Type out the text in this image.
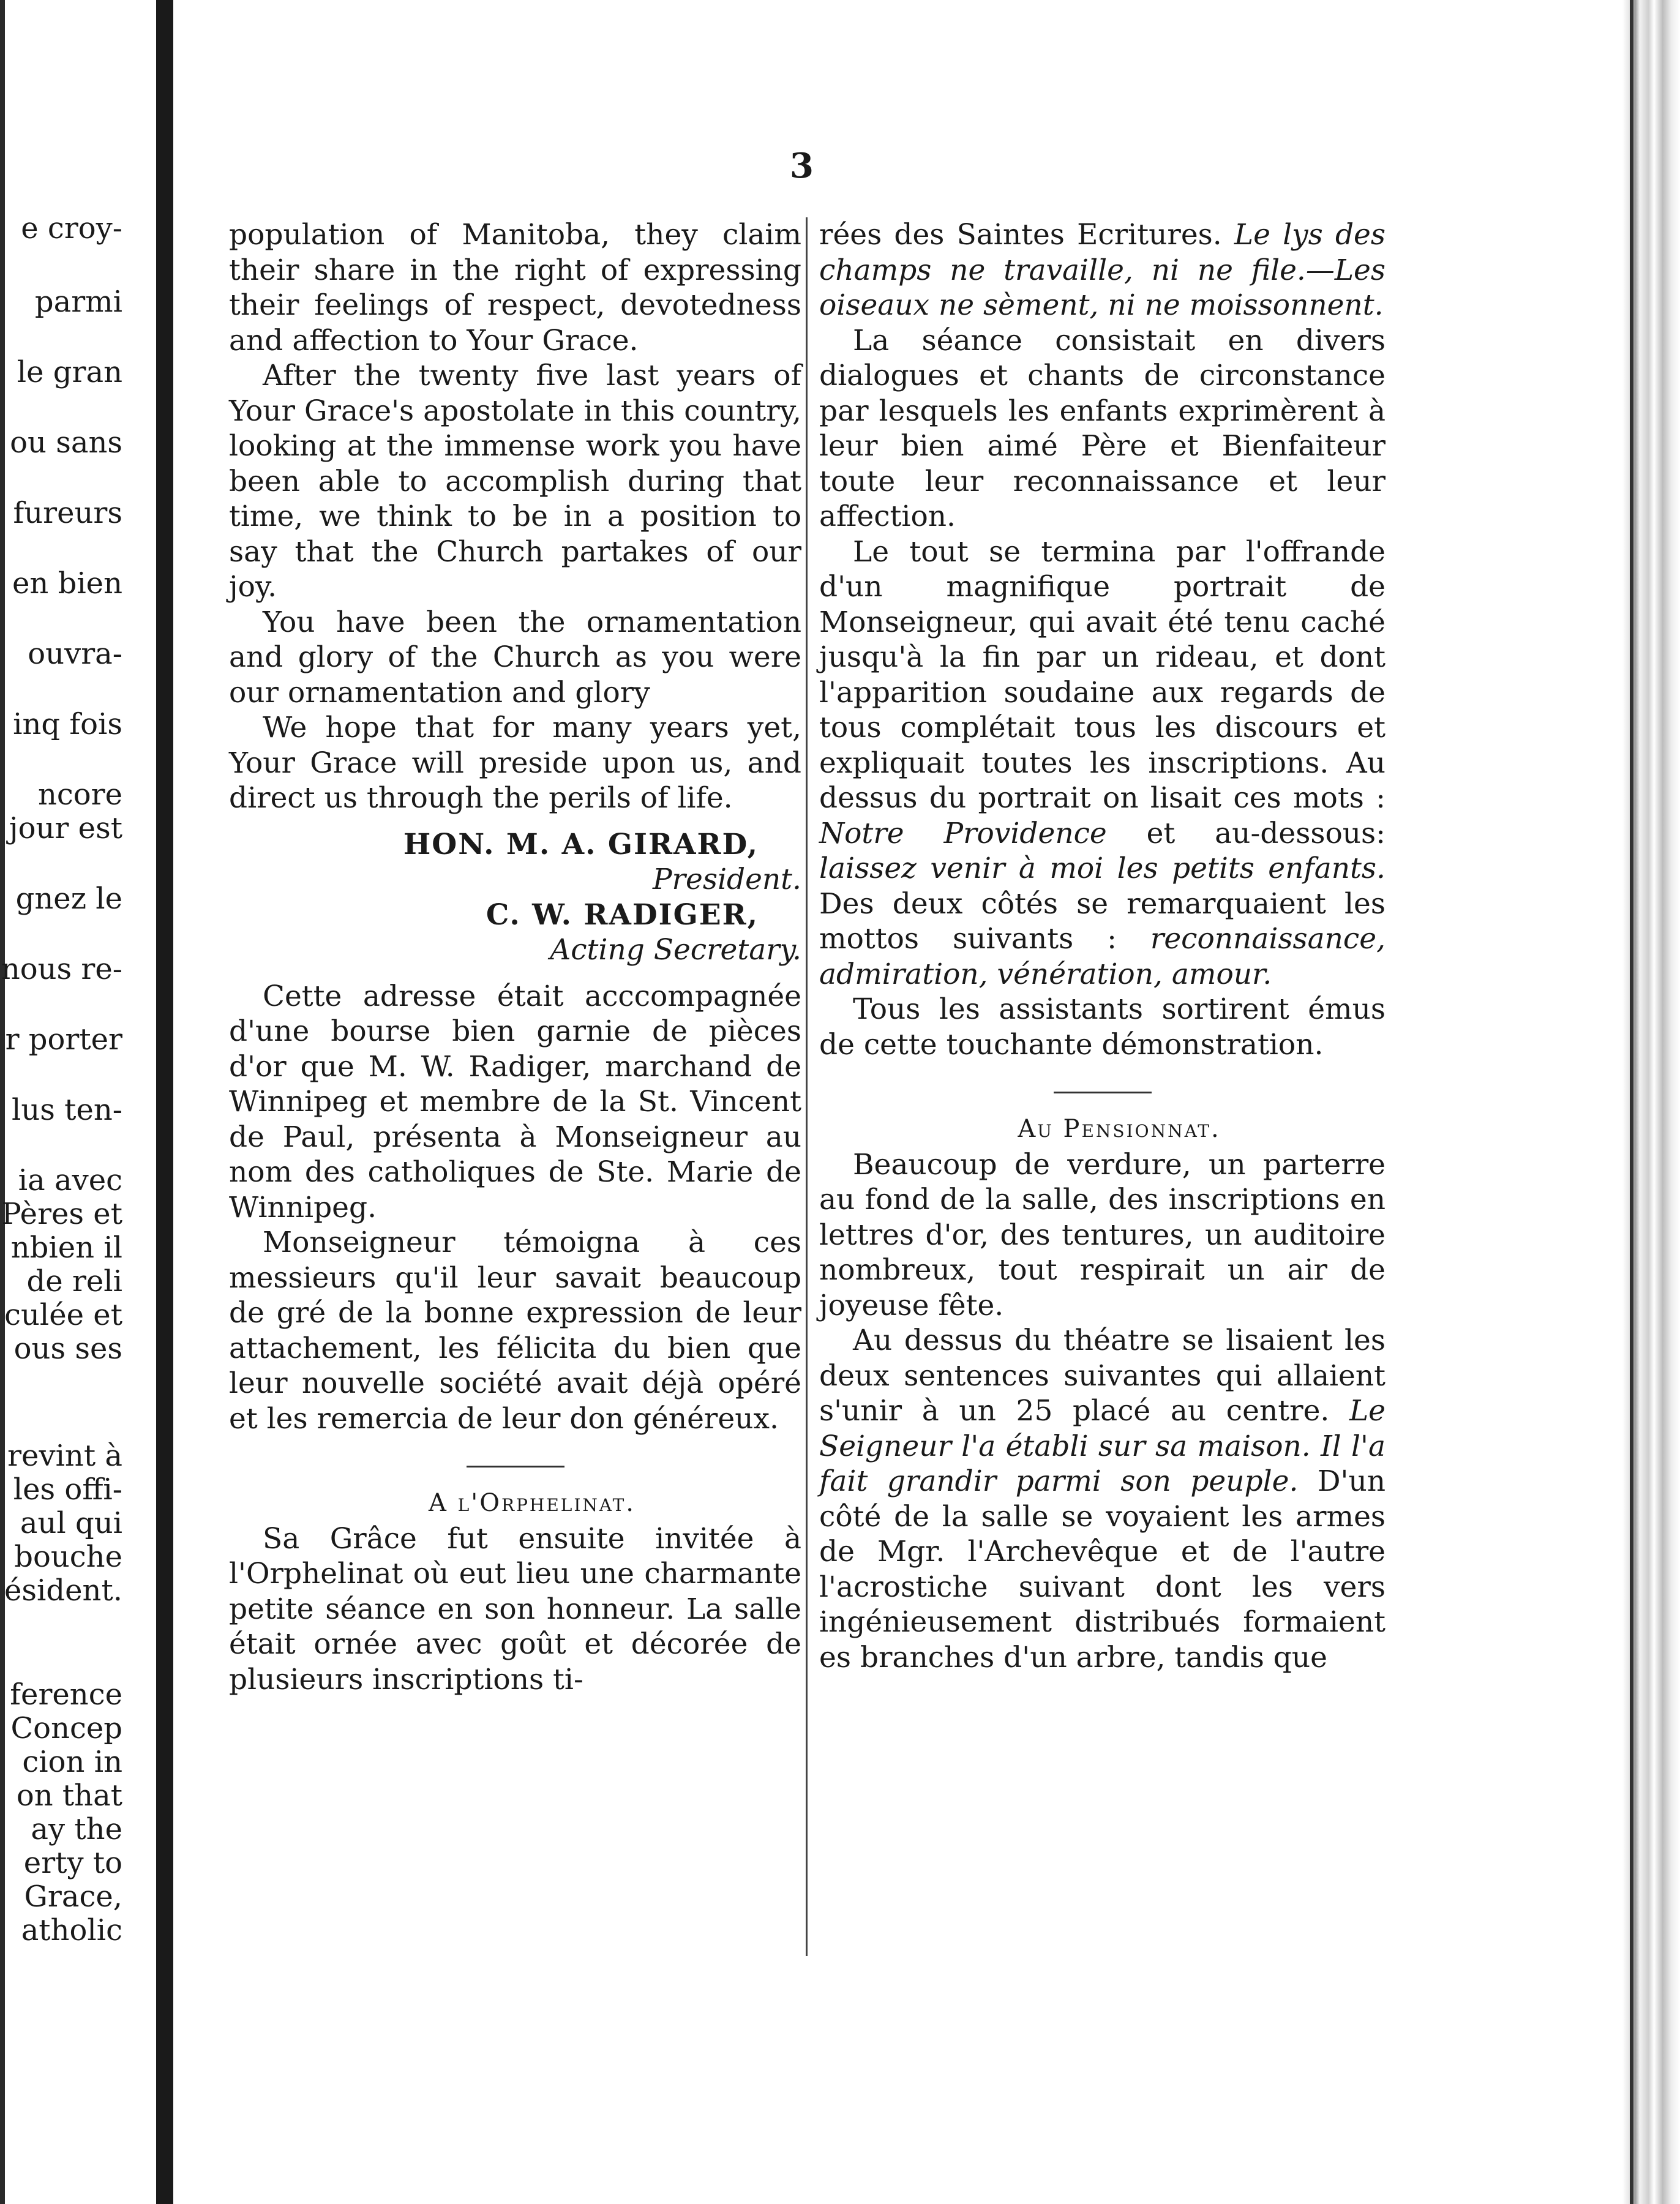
e croy-
parmi
le gran
ou sans
fureurs
en bien
ouvra-
inq fois
ncore
jour est
gnez le
nous re-
r porter
lus ten-
ia avec
Pères et
nbien il
de reli
culée et
ous ses
revint à
les offi-
aul qui
bouche
ésident.
ference
Concep
cion in
on that
ay the
erty to
Grace,
atholic
3

population of Manitoba, they claim their share in the right of expressing their feelings of respect, devotedness and affection to Your Grace.

After the twenty five last years of Your Grace's apostolate in this country, looking at the immense work you have been able to accomplish during that time, we think to be in a position to say that the Church partakes of our joy.

You have been the ornamentation and glory of the Church as you were our ornamentation and glory

We hope that for many years yet, Your Grace will preside upon us, and direct us through the perils of life.

HON. M. A. GIRARD,

President.

C. W. RADIGER,

Acting Secretary.

Cette adresse était acccompagnée d'une bourse bien garnie de pièces d'or que M. W. Radiger, marchand de Winnipeg et membre de la St. Vincent de Paul, présenta à Monseigneur au nom des catholiques de Ste. Marie de Winnipeg.

Monseigneur témoigna à ces messieurs qu'il leur savait beaucoup de gré de la bonne expression de leur attachement, les félicita du bien que leur nouvelle société avait déjà opéré et les remercia de leur don généreux.

A l'Orphelinat.

Sa Grâce fut ensuite invitée à l'Orphelinat où eut lieu une charmante petite séance en son honneur. La salle était ornée avec goût et décorée de plusieurs inscriptions ti-

rées des Saintes Ecritures. Le lys des champs ne travaille, ni ne file.—Les oiseaux ne sèment, ni ne moissonnent.

La séance consistait en divers dialogues et chants de circonstance par lesquels les enfants exprimèrent à leur bien aimé Père et Bienfaiteur toute leur reconnaissance et leur affection.

Le tout se termina par l'offrande d'un magnifique portrait de Monseigneur, qui avait été tenu caché jusqu'à la fin par un rideau, et dont l'apparition soudaine aux regards de tous complétait tous les discours et expliquait toutes les inscriptions. Au dessus du portrait on lisait ces mots : Notre Providence et au-dessous: laissez venir à moi les petits enfants. Des deux côtés se remarquaient les mottos suivants : reconnaissance, admiration, vénération, amour.

Tous les assistants sortirent émus de cette touchante démonstration.

Au Pensionnat.

Beaucoup de verdure, un parterre au fond de la salle, des inscriptions en lettres d'or, des tentures, un auditoire nombreux, tout respirait un air de joyeuse fête.

Au dessus du théatre se lisaient les deux sentences suivantes qui allaient s'unir à un 25 placé au centre. Le Seigneur l'a établi sur sa maison. Il l'a fait grandir parmi son peuple. D'un côté de la salle se voyaient les armes de Mgr. l'Archevêque et de l'autre l'acrostiche suivant dont les vers ingénieusement distribués formaient es branches d'un arbre, tandis que
